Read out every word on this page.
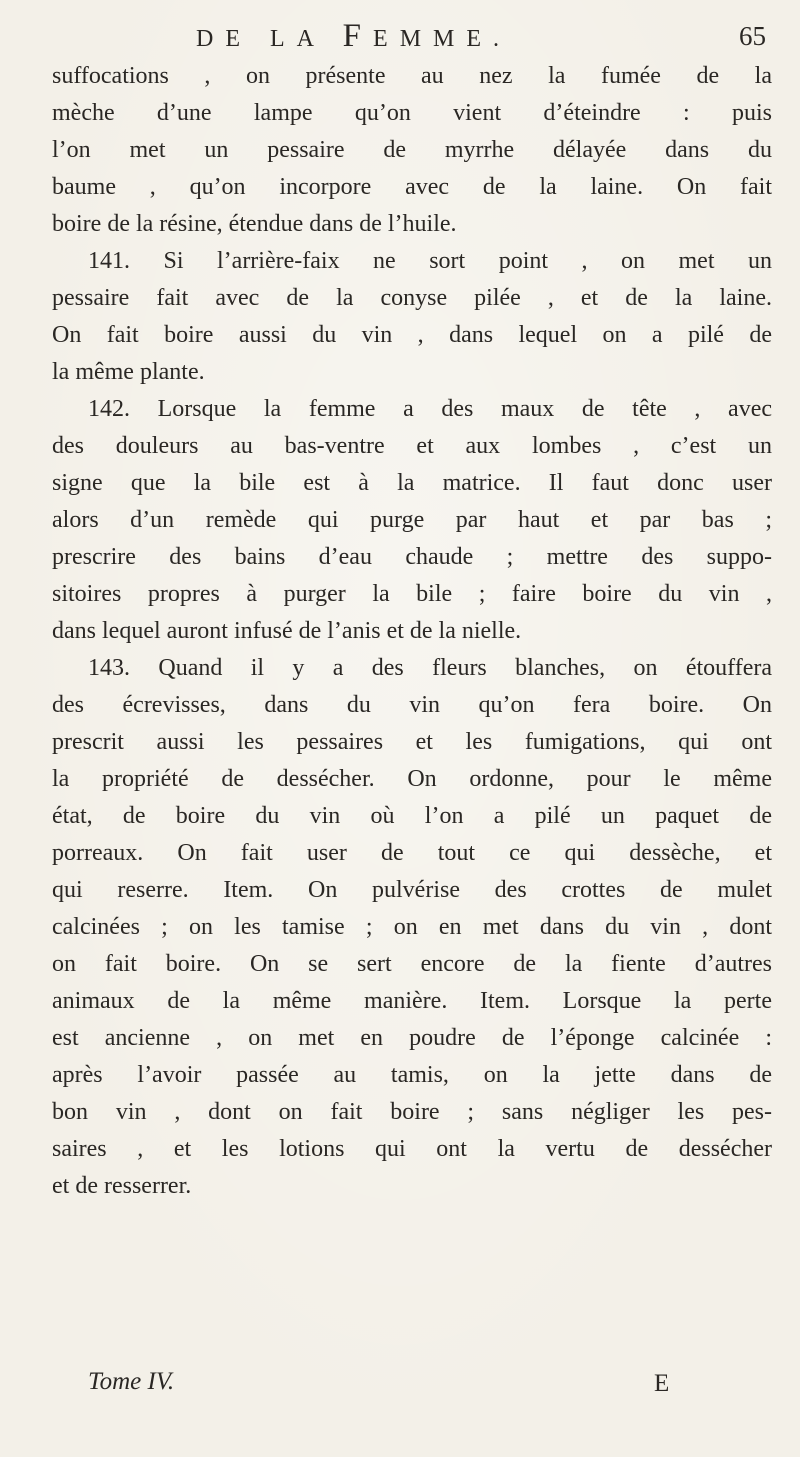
DE LA FEMME.	65
suffocations , on présente au nez la fumée de la
mèche d’une lampe qu’on vient d’éteindre : puis
l’on met un pessaire de myrrhe délayée dans du
baume , qu’on incorpore avec de la laine. On fait
boire de la résine, étendue dans de l’huile.
141. Si l’arrière-faix ne sort point , on met un
pessaire fait avec de la conyse pilée , et de la laine.
On fait boire aussi du vin , dans lequel on a pilé de
la même plante.
142. Lorsque la femme a des maux de tête , avec
des douleurs au bas-ventre et aux lombes , c’est un
signe que la bile est à la matrice. Il faut donc user
alors d’un remède qui purge par haut et par bas ;
prescrire des bains d’eau chaude ; mettre des suppo-
sitoires propres à purger la bile ; faire boire du vin ,
dans lequel auront infusé de l’anis et de la nielle.
143. Quand il y a des fleurs blanches, on étouffera
des écrevisses, dans du vin qu’on fera boire. On
prescrit aussi les pessaires et les fumigations, qui ont
la propriété de dessécher. On ordonne, pour le même
état, de boire du vin où l’on a pilé un paquet de
porreaux. On fait user de tout ce qui dessèche, et
qui reserre. Item. On pulvérise des crottes de mulet
calcinées ; on les tamise ; on en met dans du vin , dont
on fait boire. On se sert encore de la fiente d’autres
animaux de la même manière. Item. Lorsque la perte
est ancienne , on met en poudre de l’éponge calcinée :
après l’avoir passée au tamis, on la jette dans de
bon vin , dont on fait boire ; sans négliger les pes-
saires , et les lotions qui ont la vertu de dessécher
et de resserrer.
Tome IV.	E
